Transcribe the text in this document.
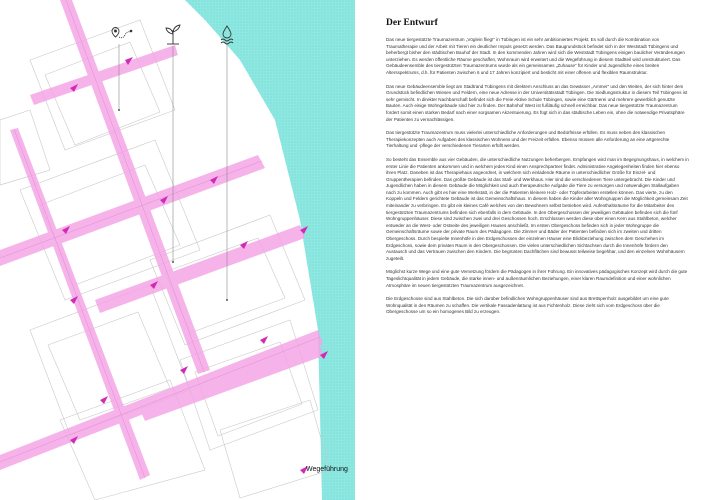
Wegeführung
Der Entwurf

Das neue tiergestützte Traumazentrum „Vöglein flieg!“ in Tübingen ist ein sehr ambitioniertes Projekt. Es soll durch die Kombination von Traumatherapie und der Arbeit mit Tieren ein deutlicher Impuls gesetzt werden. Das Baugrundstück befindet sich in der Weststadt Tübingens und beherbergt bisher den städtischen Bauhof der Stadt. In den kommenden Jahren wird sich die Weststadt Tübingens einigen baulicher Veränderungen unterziehen. Es werden öffentliche Räume geschaffen, Wohnraum wird erweitert und die Wegeführung in diesem Stadtteil wird umstrukturiert. Das Gebäudeensemble des tiergestützten Traumazentrums wurde als ein gemeinsames „Zuhause“ für Kinder und Jugendliche eines breiten Altersspektrums, d.h. für Patienten zwischen 6 und 17 Jahren konzipiert und besticht mit einer offenen und flexiblen Raumstruktur.

Das neue Gebäudeensemble liegt am Stadtrand Tübingens mit direktem Anschluss an das Gewässer „Ammer“ und den Weiten, der sich hinter dem Grundstück befindlichen Wiesen und Feldern, eine neue Adresse in der Universitätsstadt Tübingen. Die Siedlungsstruktur in diesem Teil Tübingens ist sehr gemischt. In direkter Nachbarschaft befindet sich die Freie Aktive Schule Tübingen, sowie eine Gärtnerei und mehrere gewerblich genutzte Bauten. Auch einige Wohngebäude sind hier zu finden. Der Bahnhof West ist fußläufig schnell erreichbar. Das neue tiergestützte Traumazentrum fordert somit einen starken Bedarf nach einer sorgsamen Akzentuierung. Es fügt sich in das städtische Leben ein, ohne die notwendige Privatsphäre der Patienten zu vernachlässigen.

Das tiergestützte Traumazentrum muss vielerlei unterschiedliche Anforderungen und Bedürfnisse erfüllen. Es muss neben den klassischen Therapiekonzepten auch Aufgaben des klassischen Wohnens und der Freizeit erfüllen. Ebenso müssen alle Anforderung an eine artgerechte Tierhaltung und -pflege der verschiedenen Tierarten erfüllt werden.

So besteht das Ensemble aus vier Gebäuden, die unterschiedliche Nutzungen beherbergen. Empfangen wird man im Begegnungshaus, in welchem in erster Linie die Patienten ankommen und in welchem jedes Kind einen Ansprechpartner findet. Administrative Angelegenheiten finden hier ebenso ihren Platz. Daneben ist das Therapiehaus angeordnet, in welchem sich einladende Räume in unterschiedlicher Größe für Einzel- und Gruppentherapien befinden. Das größte Gebäude ist das Stall- und Werkhaus. Hier sind die verschiedenen Tiere untergebracht. Die Kinder und Jugendlichen haben in diesem Gebäude die Möglichkeit und auch therapeutische Aufgabe die Tiere zu versorgen und notwendigen Stallaufgaben nach zu kommen. Auch gibt es hier eine Werkstatt, in der die Patienten kleinere Holz- oder Töpferarbeiten erstellen können. Das vierte, zu den Koppeln und Feldern gerichtete Gebäude ist das Gemeinschaftshaus. In diesem haben die Kinder aller Wohngruppen die Möglichkeit gemeinsam Zeit miteinander zu verbringen. Es gibt ein kleines Café welches von den Bewohnern selbst betrieben wird. Aufenthaltsräume für die Mitarbeiter des tiergestützten Traumazentrums befinden sich ebenfalls in dem Gebäude. In den Obergeschossen der jeweiligen Gebäuden befinden sich die fünf Wohngruppenhäuser. Diese sind zwischen zwei und drei Geschossen hoch. Erschlossen werden diese über einen Kern aus Stahlbeton, welcher entweder an die West- oder Ostseite des jeweiligen Hauses anschließt. Im ersten Obergeschoss befinden sich in jeder Wohngruppe die Gemeinschaftsräume sowie der private Raum des Pädagogen. Die Zimmer und Bäder der Patienten befinden sich im zweiten und dritten Obergeschoss. Durch bespielte Innenhöfe in den Erdgeschossen der einzelnen Häuser eine Blickbeziehung zwischen dem Geschehen im Erdgeschoss, sowie dem privaten Raum in den Obergeschossen. Die vielen unterschiedlichen Sichtachsen durch die Innenhöfe fördern den Austausch und das Vertrauen zwischen den Kindern. Die begrünten Dachflächen sind bewusst teilweise begehbar, und den einzelnen Wohnhäusern zugeteilt.

Möglichst kurze Wege und eine gute Vernetzung fördern die Pädagogen in ihrer Führung. Ein innovatives pädagogisches Konzept wird durch die gute Tageslichtqualität in jedem Gebäude, die starke innen- und außenräumlichen Beziehungen, einer klaren Raumdefinition und einer wohnlichen Atmosphäre im neuen tiergestützten Traumazentrum ausgezeichnet.

Die Erdgeschosse sind aus Stahlbeton. Die sich darüber befindlichen Wohngruppenhäuser sind aus Brettsperrholz ausgebildet um eine gute Wohnqualität in den Räumen zu schaffen. Die vertikale Fassadenlattung ist aus Fichtenholz. Diese zieht sich vom Erdgeschoss über die Obergeschosse um so ein homogenes Bild zu erzeugen.
